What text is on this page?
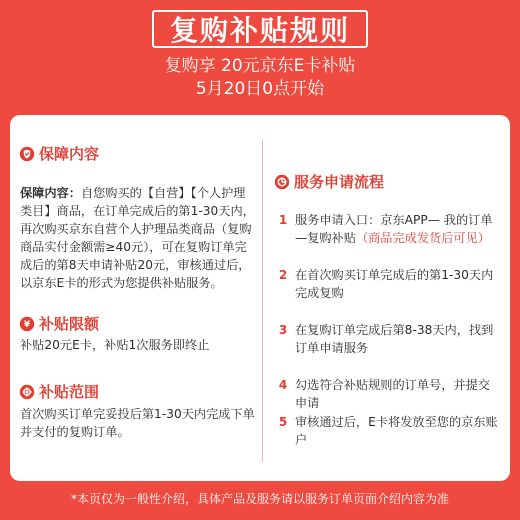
复购补贴规则
复购享 20元京东E卡补贴
5月20日0点开始
保障内容

保障内容：自您购买的【自营】【个人护理类目】商品，在订单完成后的第1-30天内，再次购买京东自营个人护理品类商品（复购商品实付金额需≥40元），可在复购订单完成后的第8天申请补贴20元，审核通过后，以京东E卡的形式为您提供补贴服务。

¥ 补贴限额
补贴20元E卡，补贴1次服务即终止
补贴范围
首次购买订单完妥投后第1-30天内完成下单并支付的复购订单。
服务申请流程
1 服务申请入口：京东APP— 我的订单—复购补贴（商品完成发货后可见）
2 在首次购买订单完成后的第1-30天内完成复购
3 在复购订单完成后第8-38天内，找到订单申请服务
4 勾选符合补贴规则的订单号，并提交申请
5 审核通过后，E卡将发放至您的京东账户
*本页仅为一般性介绍，具体产品及服务请以服务订单页面介绍内容为准
